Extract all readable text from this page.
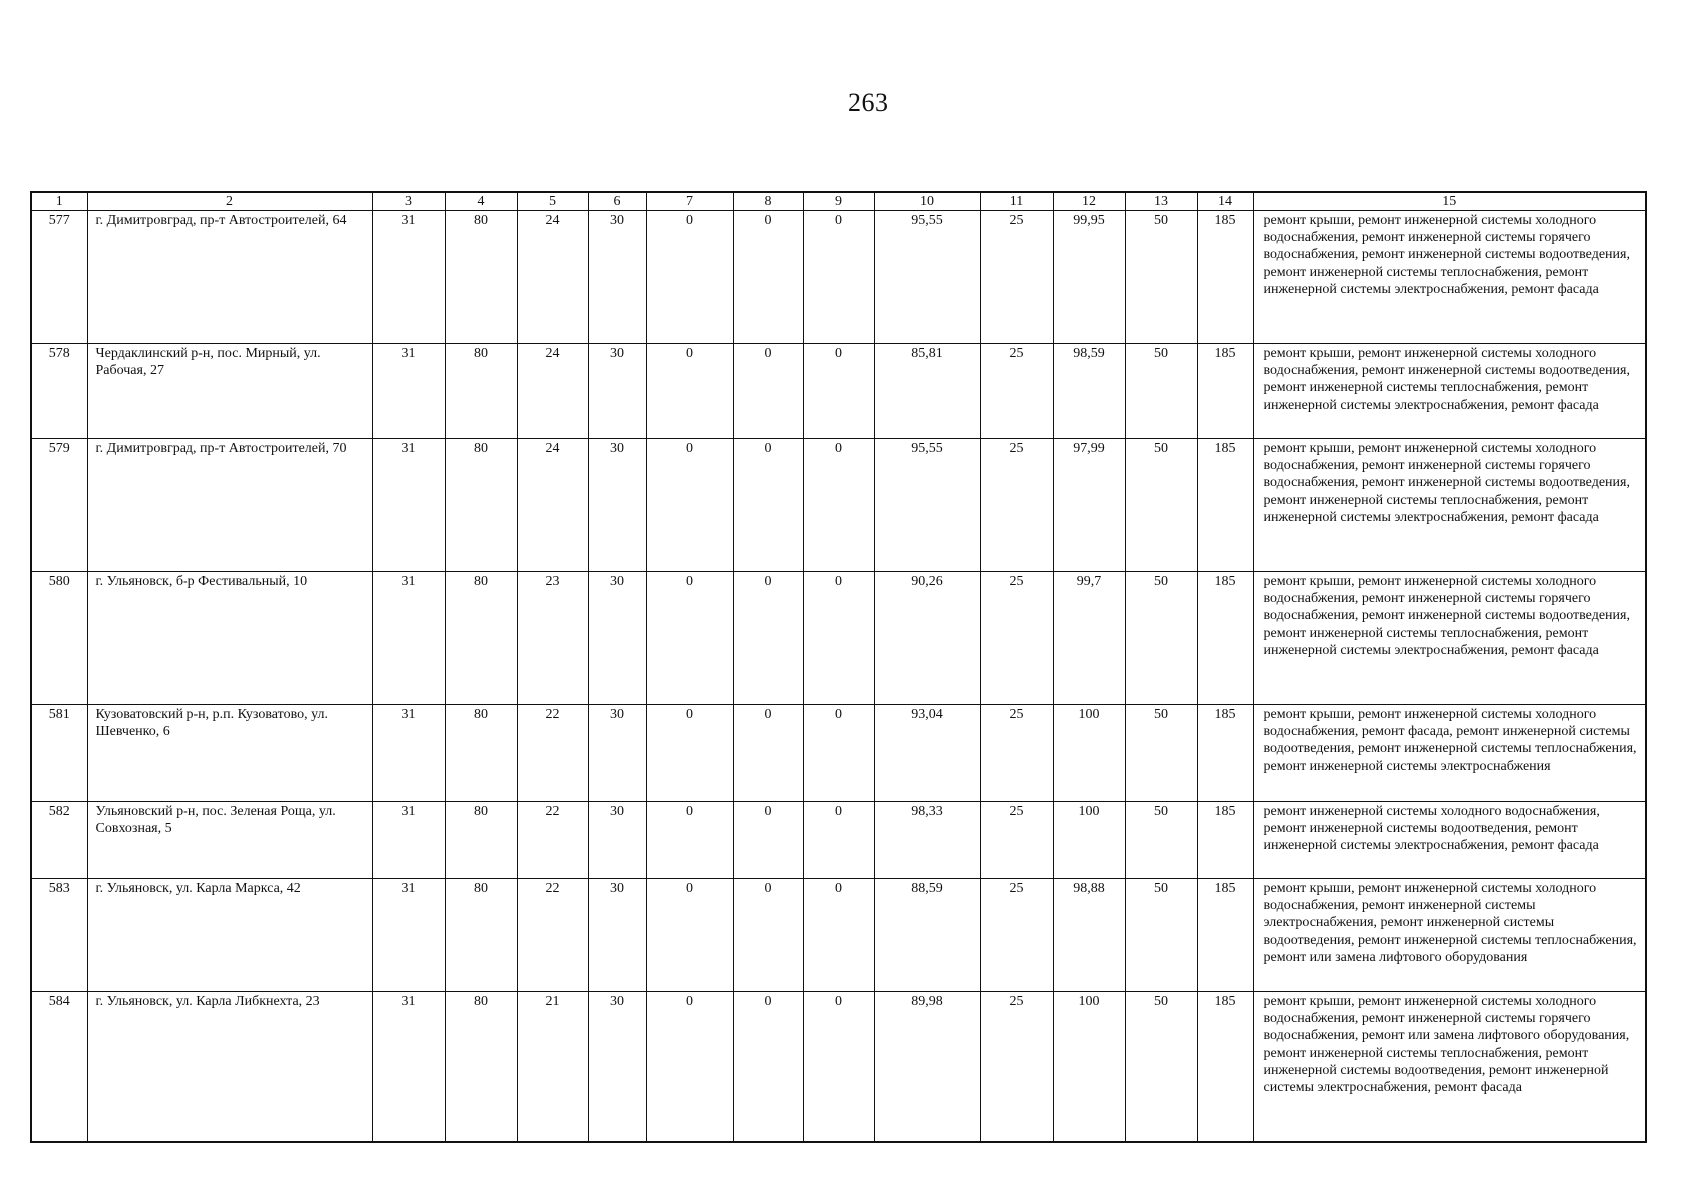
263
1	2	3	4	5	6	7	8	9	10	11	12	13	14	15
577	г. Димитровград, пр-т Автостроителей, 64	31	80	24	30	0	0	0	95,55	25	99,95	50	185	ремонт крыши, ремонт инженерной системы холодного водоснабжения, ремонт инженерной системы горячего водоснабжения, ремонт инженерной системы водоотведения, ремонт инженерной системы теплоснабжения, ремонт инженерной системы электроснабжения, ремонт фасада
578	Чердаклинский р-н, пос. Мирный, ул. Рабочая, 27	31	80	24	30	0	0	0	85,81	25	98,59	50	185	ремонт крыши, ремонт инженерной системы холодного водоснабжения, ремонт инженерной системы водоотведения, ремонт инженерной системы теплоснабжения, ремонт инженерной системы электроснабжения, ремонт фасада
579	г. Димитровград, пр-т Автостроителей, 70	31	80	24	30	0	0	0	95,55	25	97,99	50	185	ремонт крыши, ремонт инженерной системы холодного водоснабжения, ремонт инженерной системы горячего водоснабжения, ремонт инженерной системы водоотведения, ремонт инженерной системы теплоснабжения, ремонт инженерной системы электроснабжения, ремонт фасада
580	г. Ульяновск, б-р Фестивальный, 10	31	80	23	30	0	0	0	90,26	25	99,7	50	185	ремонт крыши, ремонт инженерной системы холодного водоснабжения, ремонт инженерной системы горячего водоснабжения, ремонт инженерной системы водоотведения, ремонт инженерной системы теплоснабжения, ремонт инженерной системы электроснабжения, ремонт фасада
581	Кузоватовский р-н, р.п. Кузоватово, ул. Шевченко, 6	31	80	22	30	0	0	0	93,04	25	100	50	185	ремонт крыши, ремонт инженерной системы холодного водоснабжения, ремонт фасада, ремонт инженерной системы водоотведения, ремонт инженерной системы теплоснабжения, ремонт инженерной системы электроснабжения
582	Ульяновский р-н, пос. Зеленая Роща, ул. Совхозная, 5	31	80	22	30	0	0	0	98,33	25	100	50	185	ремонт инженерной системы холодного водоснабжения, ремонт инженерной системы водоотведения, ремонт инженерной системы электроснабжения, ремонт фасада
583	г. Ульяновск, ул. Карла Маркса, 42	31	80	22	30	0	0	0	88,59	25	98,88	50	185	ремонт крыши, ремонт инженерной системы холодного водоснабжения, ремонт инженерной системы электроснабжения, ремонт инженерной системы водоотведения, ремонт инженерной системы теплоснабжения, ремонт или замена лифтового оборудования
584	г. Ульяновск, ул. Карла Либкнехта, 23	31	80	21	30	0	0	0	89,98	25	100	50	185	ремонт крыши, ремонт инженерной системы холодного водоснабжения, ремонт инженерной системы горячего водоснабжения, ремонт или замена лифтового оборудования, ремонт инженерной системы теплоснабжения, ремонт инженерной системы водоотведения, ремонт инженерной системы электроснабжения, ремонт фасада
